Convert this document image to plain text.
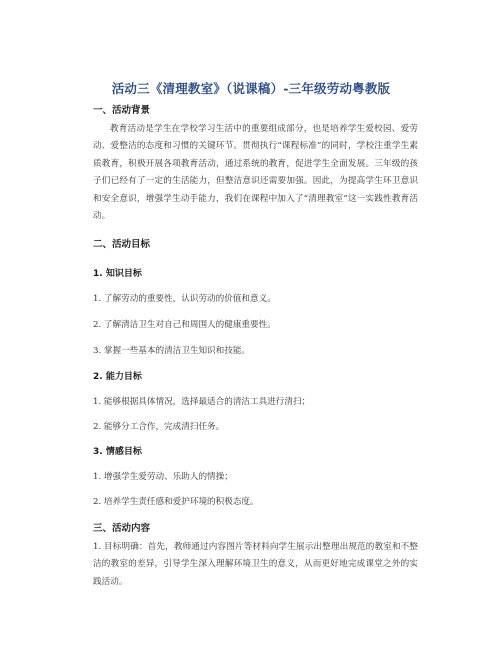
活动三《清理教室》（说课稿）-三年级劳动粤教版
一、活动背景
教育活动是学生在学校学习生活中的重要组成部分，也是培养学生爱校园、爱劳动、爱整洁的态度和习惯的关键环节。贯彻执行“课程标准”的同时，学校注重学生素质教育，积极开展各项教育活动，通过系统的教育，促进学生全面发展。三年级的孩子们已经有了一定的生活能力，但整洁意识还需要加强。因此，为提高学生环卫意识和安全意识，增强学生动手能力，我们在课程中加入了“清理教室”这一实践性教育活动。
二、活动目标
1. 知识目标
1. 了解劳动的重要性，认识劳动的价值和意义。
2. 了解清洁卫生对自己和周围人的健康重要性。
3. 掌握一些基本的清洁卫生知识和技能。
2. 能力目标
1. 能够根据具体情况，选择最适合的清洁工具进行清扫；
2. 能够分工合作，完成清扫任务。
3. 情感目标
1. 增强学生爱劳动、乐助人的情操；
2. 培养学生责任感和爱护环境的积极态度。
三、活动内容
1. 目标明确：首先，教师通过内容图片等材料向学生展示出整理出规范的教室和不整洁的教室的差异，引导学生深入理解环境卫生的意义，从而更好地完成课堂之外的实践活动。
